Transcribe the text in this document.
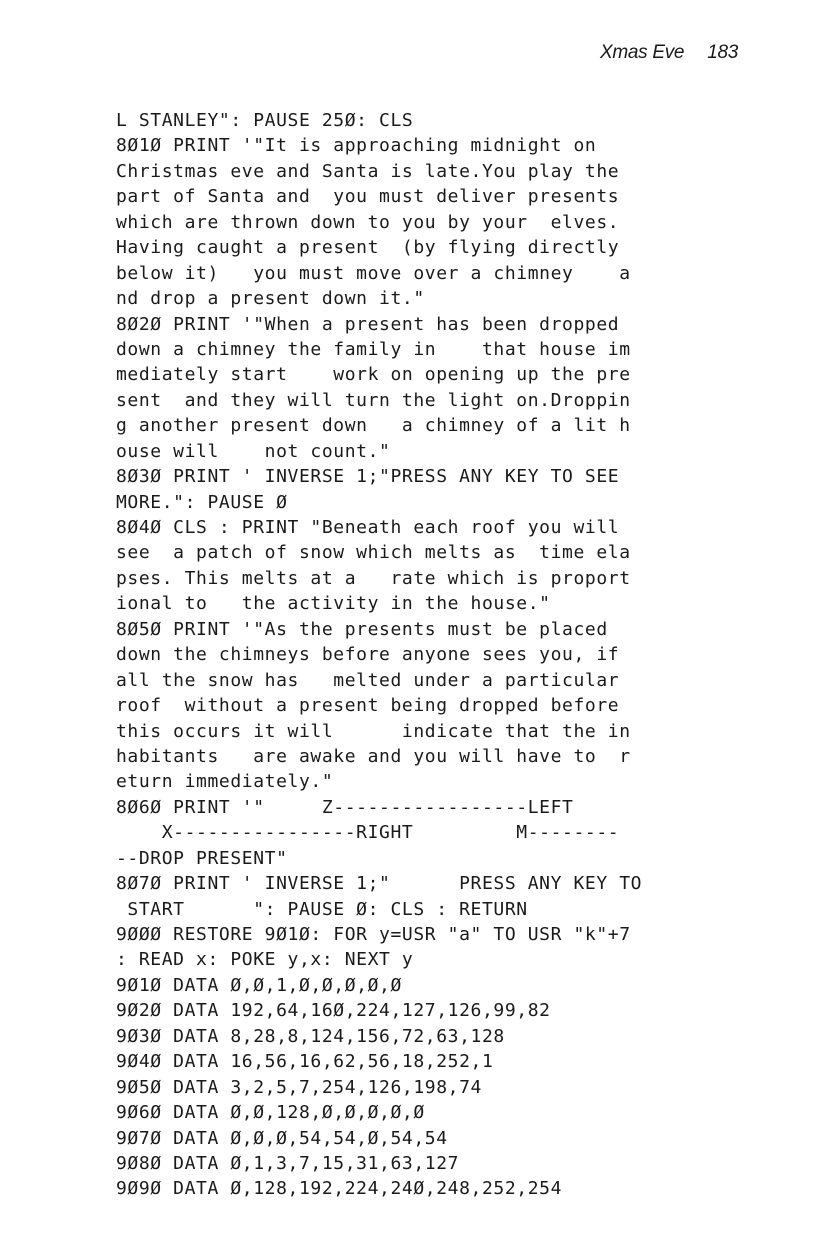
Xmas Eve 183
L STANLEY": PAUSE 25Ø: CLS
8Ø1Ø PRINT '"It is approaching midnight on
Christmas eve and Santa is late.You play the
part of Santa and  you must deliver presents
which are thrown down to you by your  elves.
Having caught a present  (by flying directly
below it)   you must move over a chimney    a
nd drop a present down it."
8Ø2Ø PRINT '"When a present has been dropped
down a chimney the family in    that house im
mediately start    work on opening up the pre
sent  and they will turn the light on.Droppin
g another present down   a chimney of a lit h
ouse will    not count."
8Ø3Ø PRINT ' INVERSE 1;"PRESS ANY KEY TO SEE
MORE.": PAUSE Ø
8Ø4Ø CLS : PRINT "Beneath each roof you will
see  a patch of snow which melts as  time ela
pses. This melts at a   rate which is proport
ional to   the activity in the house."
8Ø5Ø PRINT '"As the presents must be placed
down the chimneys before anyone sees you, if
all the snow has   melted under a particular
roof  without a present being dropped before
this occurs it will      indicate that the in
habitants   are awake and you will have to  r
eturn immediately."
8Ø6Ø PRINT '"     Z-----------------LEFT
X----------------RIGHT         M--------
--DROP PRESENT"
8Ø7Ø PRINT ' INVERSE 1;"      PRESS ANY KEY TO
START      ": PAUSE Ø: CLS : RETURN
9ØØØ RESTORE 9Ø1Ø: FOR y=USR "a" TO USR "k"+7
: READ x: POKE y,x: NEXT y
9Ø1Ø DATA Ø,Ø,1,Ø,Ø,Ø,Ø,Ø
9Ø2Ø DATA 192,64,16Ø,224,127,126,99,82
9Ø3Ø DATA 8,28,8,124,156,72,63,128
9Ø4Ø DATA 16,56,16,62,56,18,252,1
9Ø5Ø DATA 3,2,5,7,254,126,198,74
9Ø6Ø DATA Ø,Ø,128,Ø,Ø,Ø,Ø,Ø
9Ø7Ø DATA Ø,Ø,Ø,54,54,Ø,54,54
9Ø8Ø DATA Ø,1,3,7,15,31,63,127
9Ø9Ø DATA Ø,128,192,224,24Ø,248,252,254
